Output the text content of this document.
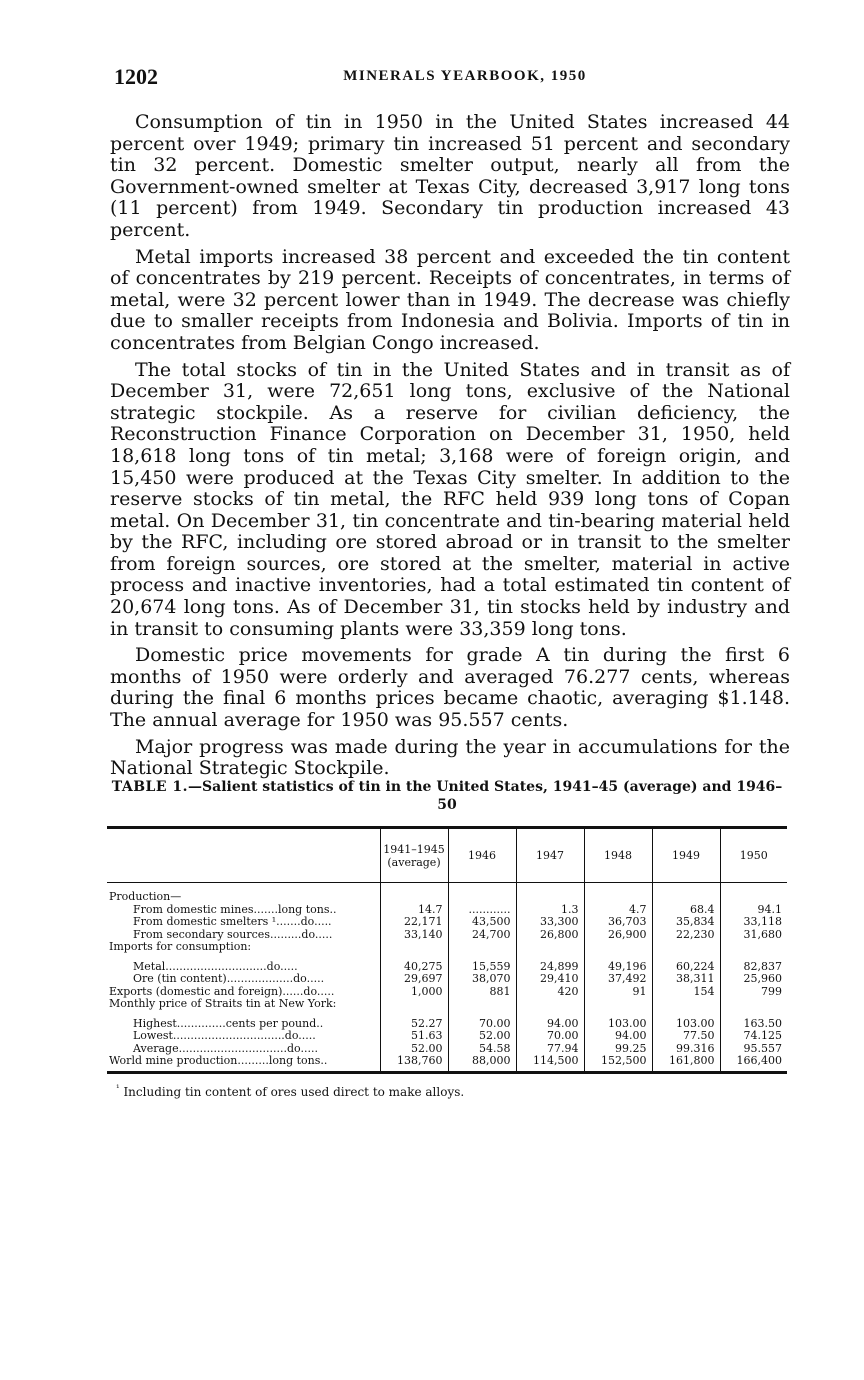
1202	MINERALS YEARBOOK, 1950

Consumption of tin in 1950 in the United States increased 44 percent over 1949; primary tin increased 51 percent and secondary tin 32 percent. Domestic smelter output, nearly all from the Government-owned smelter at Texas City, decreased 3,917 long tons (11 percent) from 1949. Secondary tin production increased 43 percent.

Metal imports increased 38 percent and exceeded the tin content of concentrates by 219 percent. Receipts of concentrates, in terms of metal, were 32 percent lower than in 1949. The decrease was chiefly due to smaller receipts from Indonesia and Bolivia. Imports of tin in concentrates from Belgian Congo increased.

The total stocks of tin in the United States and in transit as of December 31, were 72,651 long tons, exclusive of the National strategic stockpile. As a reserve for civilian deficiency, the Reconstruction Finance Corporation on December 31, 1950, held 18,618 long tons of tin metal; 3,168 were of foreign origin, and 15,450 were produced at the Texas City smelter. In addition to the reserve stocks of tin metal, the RFC held 939 long tons of Copan metal. On December 31, tin concentrate and tin-bearing material held by the RFC, including ore stored abroad or in transit to the smelter from foreign sources, ore stored at the smelter, material in active process and inactive inventories, had a total estimated tin content of 20,674 long tons. As of December 31, tin stocks held by industry and in transit to consuming plants were 33,359 long tons.

Domestic price movements for grade A tin during the first 6 months of 1950 were orderly and averaged 76.277 cents, whereas during the final 6 months prices became chaotic, averaging $1.148. The annual average for 1950 was 95.557 cents.

Major progress was made during the year in accumulations for the National Strategic Stockpile.

TABLE 1.—Salient statistics of tin in the United States, 1941–45 (average) and 1946–50
	1941–1945 (average)	1946	1947	1948	1949	1950
Production—						
From domestic mines.......long tons..	14.7	............	1.3	4.7	68.4	94.1
From domestic smelters ¹.......do.....	22,171	43,500	33,300	36,703	35,834	33,118
From secondary sources.........do.....	33,140	24,700	26,800	26,900	22,230	31,680
Imports for consumption:						
Metal.............................do.....	40,275	15,559	24,899	49,196	60,224	82,837
Ore (tin content)...................do.....	29,697	38,070	29,410	37,492	38,311	25,960
Exports (domestic and foreign)......do.....	1,000	881	420	91	154	799
Monthly price of Straits tin at New York:						
Highest..............cents per pound..	52.27	70.00	94.00	103.00	103.00	163.50
Lowest................................do.....	51.63	52.00	70.00	94.00	77.50	74.125
Average...............................do.....	52.00	54.58	77.94	99.25	99.316	95.557
World mine production.........long tons..	138,760	88,000	114,500	152,500	161,800	166,400
$^{^1}$ Including tin content of ores used direct to make alloys.
